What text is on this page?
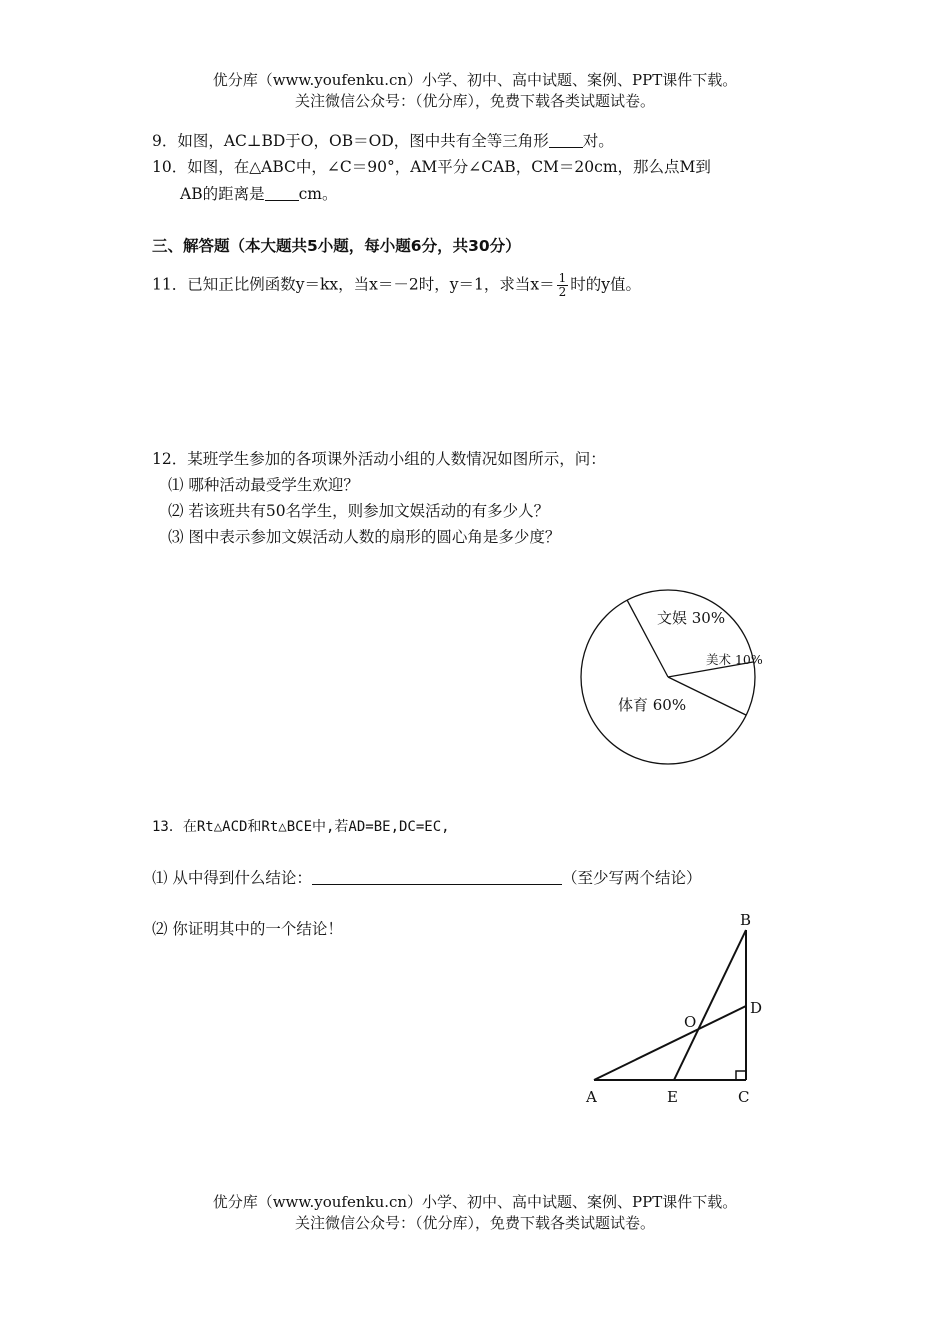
优分库（www.youfenku.cn）小学、初中、高中试题、案例、PPT课件下载。
关注微信公众号：（优分库），免费下载各类试题试卷。
9．如图，AC⊥BD于O，OB＝OD，图中共有全等三角形 对。
10．如图，在△ABC中，∠C＝90°，AM平分∠CAB，CM＝20cm，那么点M到
AB的距离是 cm。
三、解答题（本大题共5小题，每小题6分，共30分）
11．已知正比例函数y＝kx，当x＝－2时，y＝1，求当$x= \frac{1}{2}$ 时的y值。
12．某班学生参加的各项课外活动小组的人数情况如图所示，问：
⑴ 哪种活动最受学生欢迎？
⑵ 若该班共有50名学生，则参加文娱活动的有多少人？
⑶ 图中表示参加文娱活动人数的扇形的圆心角是多少度？
文娱 30%
美术 10%
体育 60%
13．在Rt△ACD和Rt△BCE中,若AD=BE,DC=EC,
⑴ 从中得到什么结论：	（至少写两个结论）
⑵ 你证明其中的一个结论！	B
D
O
A	E	C
优分库（www.youfenku.cn）小学、初中、高中试题、案例、PPT课件下载。
关注微信公众号：（优分库），免费下载各类试题试卷。
